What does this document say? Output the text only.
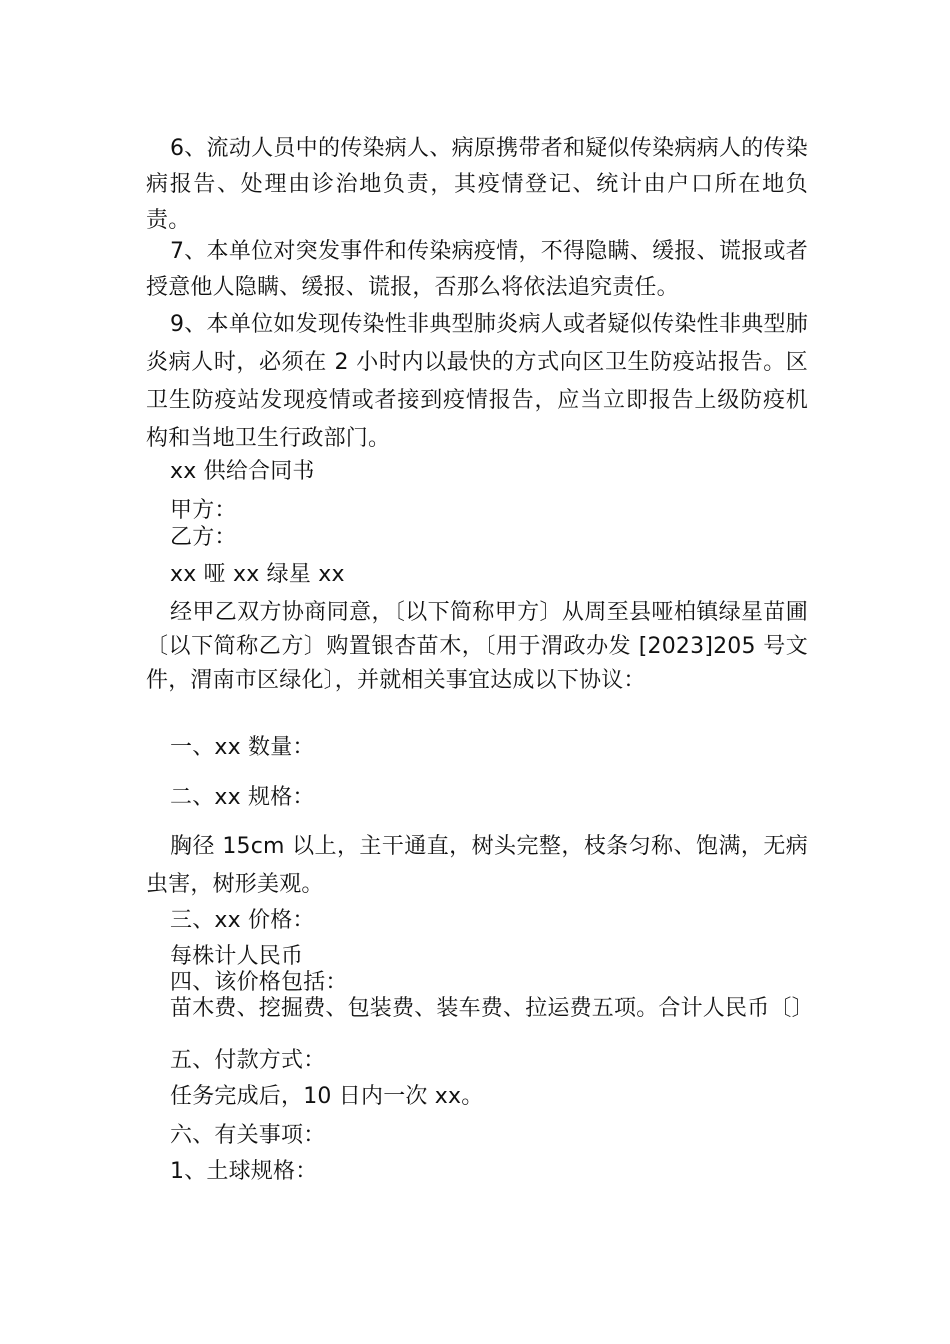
6、流动人员中的传染病人、病原携带者和疑似传染病病人的传染病报告、处理由诊治地负责，其疫情登记、统计由户口所在地负责。

7、本单位对突发事件和传染病疫情，不得隐瞒、缓报、谎报或者授意他人隐瞒、缓报、谎报，否那么将依法追究责任。

9、本单位如发现传染性非典型肺炎病人或者疑似传染性非典型肺炎病人时，必须在 2 小时内以最快的方式向区卫生防疫站报告。区卫生防疫站发现疫情或者接到疫情报告，应当立即报告上级防疫机构和当地卫生行政部门。

xx 供给合同书

甲方：

乙方：

xx 哑 xx 绿星 xx

经甲乙双方协商同意，〔以下简称甲方〕从周至县哑柏镇绿星苗圃〔以下简称乙方〕购置银杏苗木，〔用于渭政办发 [2023]205 号文件，渭南市区绿化〕，并就相关事宜达成以下协议：

一、xx 数量：

二、xx 规格：

胸径 15cm 以上，主干通直，树头完整，枝条匀称、饱满，无病虫害，树形美观。

三、xx 价格：

每株计人民币

四、该价格包括：

苗木费、挖掘费、包装费、装车费、拉运费五项。合计人民币〔〕

五、付款方式：

任务完成后，10 日内一次 xx。

六、有关事项：

1、土球规格：
